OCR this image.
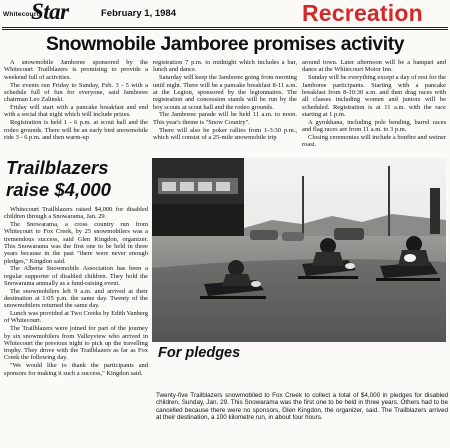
Whitecourt
Star	February 1, 1984	Recreation
Snowmobile Jamboree promises activity

A snowmobile Jamboree sponsored by the Whitecourt Trailblazers is promising to provide a weekend full of activities.

The events run Friday to Sunday, Feb. 3 - 5 with a schedule full of fun for everyone, said Jamboree chairman Leo Zalinski.

Friday will start with a pancake breakfast and end with a social that night which will include prizes.

Registration is held 1 - 6 p.m. at scout hall and the rodeo grounds. There will be an early bird snowmobile ride 3 - 6 p.m. and then warm-up

registration 7 p.m. to midnight which includes a bar, lunch and dance.

Saturday will keep the Jamboree going from morning until night. There will be a pancake breakfast 8-11 a.m. at the Legion, sponsored by the legionnaires. The registration and concession stands will be run by the boy scouts at scout hall and the rodeo grounds.

The Jamboree parade will be held 11 a.m. to noon. This year's theme is "Snow Country".

There will also be poker rallies from 1-3:30 p.m., which will consist of a 25-mile snowmobile trip

around town. Later afternoon will be a banquet and dance at the Whitecourt Motor Inn.

Sunday will be everything except a day of rest for the Jamboree participants. Starting with a pancake breakfast from 8-10:30 a.m. and then drag races with all classes including women and juniors will be scheduled. Registration is at 11 a.m. with the race starting at 1 p.m.

A gymkhana, including pole bending, barrel races and flag races are from 11 a.m. to 3 p.m.

Closing ceremonies will include a bonfire and weiner roast.

Trailblazers
raise $4,000

Whitecourt Trailblazers raised $4,000 for disabled children through a Snowarama, Jan. 29.

The Snowarama, a cross country run from Whitecourt to Fox Creek, by 25 snowmobilers was a tremendous success, said Glen Kingdon, organizer. This Snowarama was the first one to be held in three years because in the past "there were never enough pledges," Kingdon said.

The Alberta Snowmobile Association has been a regular supporter of disabled children. They hold the Snowarama annually as a fund-raising event.

The snowmobilers left 9 a.m. and arrived at their destination at 1:05 p.m. the same day. Twenty of the snowmobilers returned the same day.

Lunch was provided at Two Creeks by Edith Vanberg of Whitecourt.

The Trailblazers were joined for part of the journey by six snowmobilers from Valleyview who arrived in Whitecourt the previous night to pick up the travelling trophy. They drove with the Trailblazers as far as Fox Creek the following day.

"We would like to thank the participants and sponsors for making it such a success," Kingdon said.

For pledges
Twenty-five Trailblazers snowmobiled to Fox Creek to collect a total of $4,000 in pledges for disabled children, Sunday, Jan. 29. This Snowarama was the first one to be held in three years. Others had to be cancelled because there were no sponsors, Glen Kingdon, the organizer, said. The Trailblazers arrived at their destination, a 100 kilometre run, in about four hours.
